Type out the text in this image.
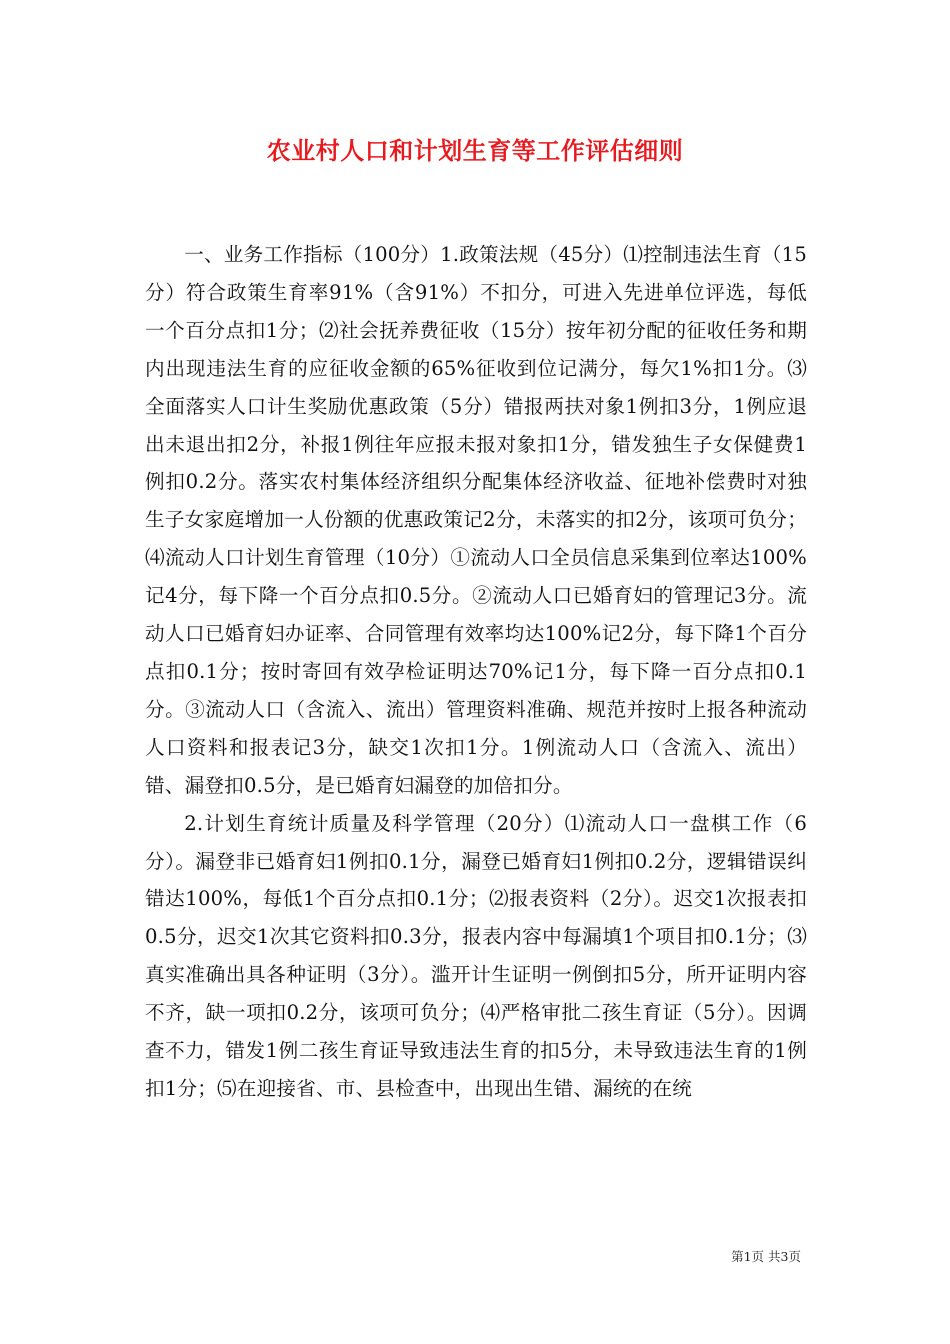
农业村人口和计划生育等工作评估细则

一、业务工作指标（100分）1.政策法规（45分）⑴控制违法生育（15分）符合政策生育率91%（含91%）不扣分，可进入先进单位评选，每低一个百分点扣1分；⑵社会抚养费征收（15分）按年初分配的征收任务和期内出现违法生育的应征收金额的65%征收到位记满分，每欠1%扣1分。⑶全面落实人口计生奖励优惠政策（5分）错报两扶对象1例扣3分，1例应退出未退出扣2分，补报1例往年应报未报对象扣1分，错发独生子女保健费1例扣0.2分。落实农村集体经济组织分配集体经济收益、征地补偿费时对独生子女家庭增加一人份额的优惠政策记2分，未落实的扣2分，该项可负分；⑷流动人口计划生育管理（10分）①流动人口全员信息采集到位率达100%记4分，每下降一个百分点扣0.5分。②流动人口已婚育妇的管理记3分。流动人口已婚育妇办证率、合同管理有效率均达100%记2分，每下降1个百分点扣0.1分；按时寄回有效孕检证明达70%记1分，每下降一百分点扣0.1分。③流动人口（含流入、流出）管理资料准确、规范并按时上报各种流动人口资料和报表记3分，缺交1次扣1分。1例流动人口（含流入、流出）错、漏登扣0.5分，是已婚育妇漏登的加倍扣分。

2.计划生育统计质量及科学管理（20分）⑴流动人口一盘棋工作（6分）。漏登非已婚育妇1例扣0.1分，漏登已婚育妇1例扣0.2分，逻辑错误纠错达100%，每低1个百分点扣0.1分；⑵报表资料（2分）。迟交1次报表扣0.5分，迟交1次其它资料扣0.3分，报表内容中每漏填1个项目扣0.1分；⑶真实准确出具各种证明（3分）。滥开计生证明一例倒扣5分，所开证明内容不齐，缺一项扣0.2分，该项可负分；⑷严格审批二孩生育证（5分）。因调查不力，错发1例二孩生育证导致违法生育的扣5分，未导致违法生育的1例扣1分；⑸在迎接省、市、县检查中，出现出生错、漏统的在统

第1页 共3页
